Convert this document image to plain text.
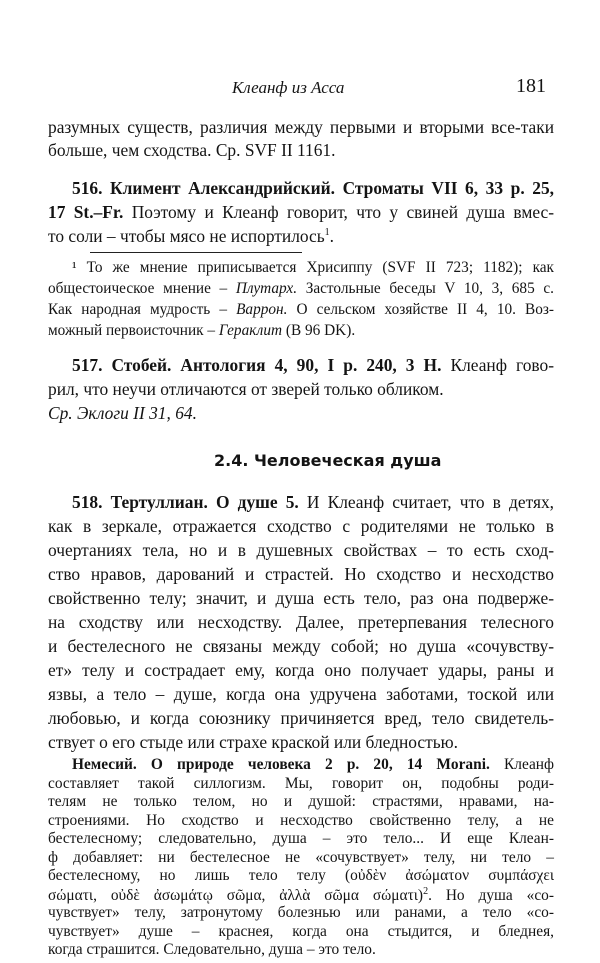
Клеанф из Асса	181
разумных существ, различия между первыми и вторыми все-таки
больше, чем сходства. Ср. SVF II 1161.
516. Климент Александрийский. Строматы VII 6, 33 р. 25,
17 St.–Fr. Поэтому и Клеанф говорит, что у свиней душа вмес-
то соли – чтобы мясо не испортилось$^1$.
¹ То же мнение приписывается Хрисиппу (SVF II 723; 1182); как
общестоическое мнение – Плутарх. Застольные беседы V 10, 3, 685 с.
Как народная мудрость – Варрон. О сельском хозяйстве II 4, 10. Воз-
можный первоисточник – Гераклит (В 96 DK).
517. Стобей. Антология 4, 90, I р. 240, 3 Н. Клеанф гово-
рил, что неучи отличаются от зверей только обликом.
Ср. Эклоги II 31, 64.
2.4. Человеческая душа
518. Тертуллиан. О душе 5. И Клеанф считает, что в детях,
как в зеркале, отражается сходство с родителями не только в
очертаниях тела, но и в душевных свойствах – то есть сход-
ство нравов, дарований и страстей. Но сходство и несходство
свойственно телу; значит, и душа есть тело, раз она подвержe-
на сходству или несходству. Далее, претерпевания телесного
и бестелесного не связаны между собой; но душа «сочувству-
ет» телу и сострадает ему, когда оно получает удары, раны и
язвы, а тело – душе, когда она удручена заботами, тоской или
любовью, и когда союзнику причиняется вред, тело свидетель-
ствует о его стыде или страхе краской или бледностью.
Немесий. О природе человека 2 р. 20, 14 Morani. Клеанф
составляет такой силлогизм. Мы, говорит он, подобны роди-
телям не только телом, но и душой: страстями, нравами, на-
строениями. Но сходство и несходство свойственно телу, а не
бестелесному; следовательно, душа – это тело... И еще Клеан-
ф добавляет: ни бестелесное не «сочувствует» телу, ни тело –
бестелесному, но лишь тело телу (οὐδὲν ἀσώματον συμπάσχει
σώματι, οὐδὲ ἀσωμάτῳ σῶμα, ἀλλὰ σῶμα σώματι)$^2$. Но душа «со-
чувствует» телу, затронутому болезнью или ранами, а тело «со-
чувствует» душе – краснея, когда она стыдится, и бледнея,
когда страшится. Следовательно, душа – это тело.
